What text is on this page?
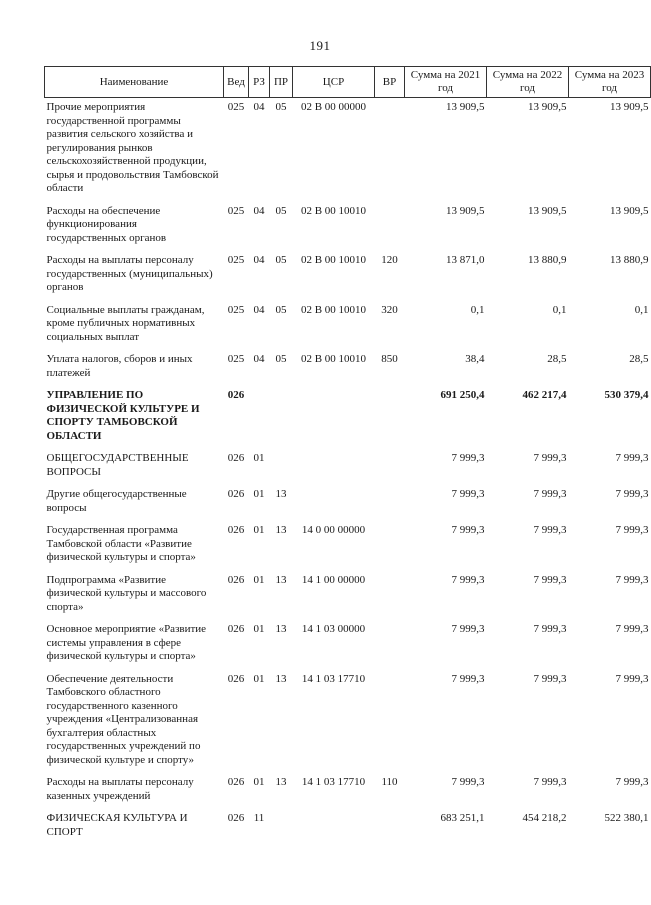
191
Наименование	Вед	РЗ	ПР	ЦСР	ВР	Сумма на 2021 год	Сумма на 2022 год	Сумма на 2023 год
Прочие мероприятия государственной программы развития сельского хозяйства и регулирования рынков сельскохозяйственной продукции, сырья и продовольствия Тамбовской области	025	04	05	02 В 00 00000		13 909,5	13 909,5	13 909,5
Расходы на обеспечение функционирования государственных органов	025	04	05	02 В 00 10010		13 909,5	13 909,5	13 909,5
Расходы на выплаты персоналу государственных (муниципальных) органов	025	04	05	02 В 00 10010	120	13 871,0	13 880,9	13 880,9
Социальные выплаты гражданам, кроме публичных нормативных социальных выплат	025	04	05	02 В 00 10010	320	0,1	0,1	0,1
Уплата налогов, сборов и иных платежей	025	04	05	02 В 00 10010	850	38,4	28,5	28,5
УПРАВЛЕНИЕ ПО ФИЗИЧЕСКОЙ КУЛЬТУРЕ И СПОРТУ ТАМБОВСКОЙ ОБЛАСТИ	026					691 250,4	462 217,4	530 379,4
ОБЩЕГОСУДАРСТВЕННЫЕ ВОПРОСЫ	026	01				7 999,3	7 999,3	7 999,3
Другие общегосударственные вопросы	026	01	13			7 999,3	7 999,3	7 999,3
Государственная программа Тамбовской области «Развитие физической культуры и спорта»	026	01	13	14 0 00 00000		7 999,3	7 999,3	7 999,3
Подпрограмма «Развитие физической культуры и массового спорта»	026	01	13	14 1 00 00000		7 999,3	7 999,3	7 999,3
Основное мероприятие «Развитие системы управления в сфере физической культуры и спорта»	026	01	13	14 1 03 00000		7 999,3	7 999,3	7 999,3
Обеспечение деятельности Тамбовского областного государственного казенного учреждения «Централизованная бухгалтерия областных государственных учреждений по физической культуре и спорту»	026	01	13	14 1 03 17710		7 999,3	7 999,3	7 999,3
Расходы на выплаты персоналу казенных учреждений	026	01	13	14 1 03 17710	110	7 999,3	7 999,3	7 999,3
ФИЗИЧЕСКАЯ КУЛЬТУРА И СПОРТ	026	11				683 251,1	454 218,2	522 380,1
